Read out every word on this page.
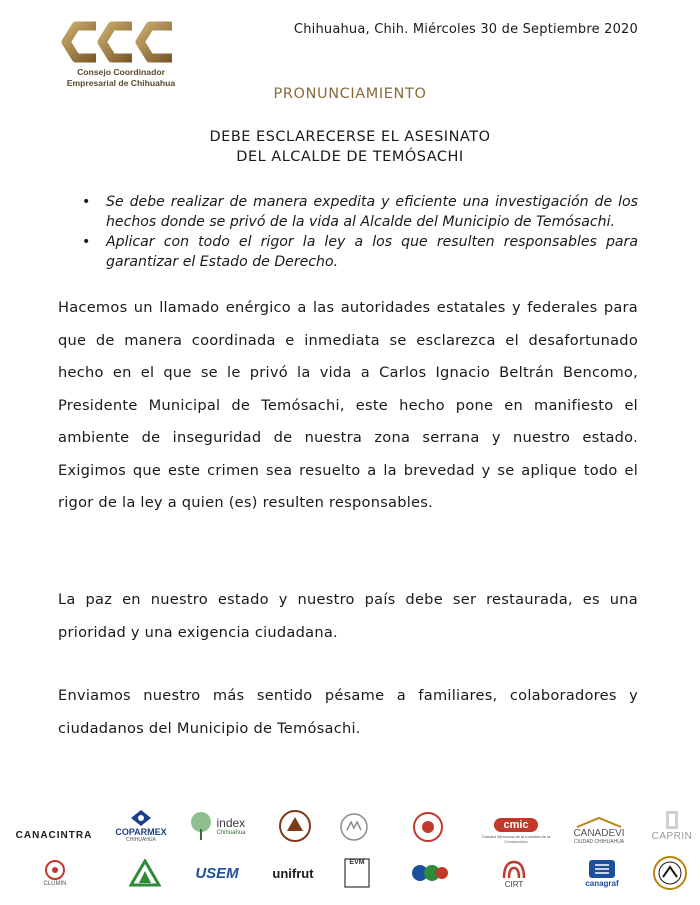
Consejo Coordinador
Empresarial de Chihuahua
Chihuahua, Chih. Miércoles 30 de Septiembre 2020
PRONUNCIAMIENTO
DEBE ESCLARECERSE EL ASESINATO
DEL ALCALDE DE TEMÓSACHI
• Se debe realizar de manera expedita y eficiente una investigación de los hechos donde se privó de la vida al Alcalde del Municipio de Temósachi.
• Aplicar con todo el rigor la ley a los que resulten responsables para garantizar el Estado de Derecho.

Hacemos un llamado enérgico a las autoridades estatales y federales para que de manera coordinada e inmediata se esclarezca el desafortunado hecho en el que se le privó la vida a Carlos Ignacio Beltrán Bencomo, Presidente Municipal de Temósachi, este hecho pone en manifiesto el ambiente de inseguridad de nuestra zona serrana y nuestro estado. Exigimos que este crimen sea resuelto a la brevedad y se aplique todo el rigor de la ley a quien (es) resulten responsables.

La paz en nuestro estado y nuestro país debe ser restaurada, es una prioridad y una exigencia ciudadana.

Enviamos nuestro más sentido pésame a familiares, colaboradores y ciudadanos del Municipio de Temósachi.

CANACINTRA	COPARMEX
CHIHUAHUA
index
Chihuahua
cmic
Cámara Mexicana de la Industria de la Construcción
CANADEVI
CIUDAD CHIHUAHUA	CAPRIN
CLUMIN
USEM	unifrut
EVM
CIRT	canagraf
